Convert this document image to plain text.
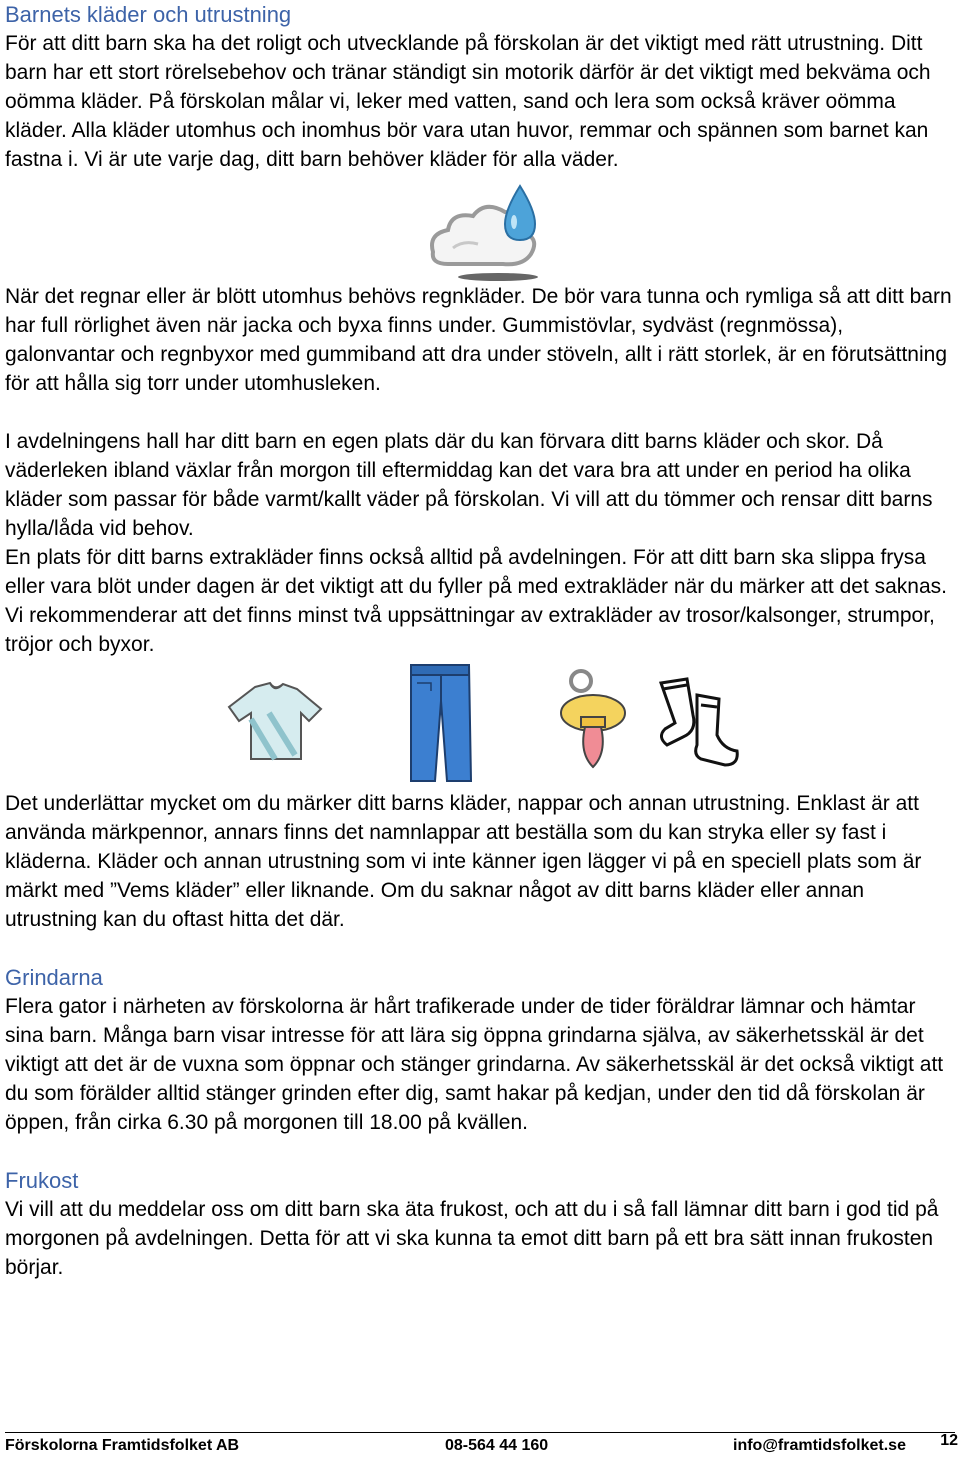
Barnets kläder och utrustning

För att ditt barn ska ha det roligt och utvecklande på förskolan är det viktigt med rätt utrustning. Ditt barn har ett stort rörelsebehov och tränar ständigt sin motorik därför är det viktigt med bekväma och oömma kläder. På förskolan målar vi, leker med vatten, sand och lera som också kräver oömma kläder. Alla kläder utomhus och inomhus bör vara utan huvor, remmar och spännen som barnet kan fastna i. Vi är ute varje dag, ditt barn behöver kläder för alla väder.

När det regnar eller är blött utomhus behövs regnkläder. De bör vara tunna och rymliga så att ditt barn har full rörlighet även när jacka och byxa finns under. Gummistövlar, sydväst (regnmössa), galonvantar och regnbyxor med gummiband att dra under stöveln, allt i rätt storlek, är en förutsättning för att hålla sig torr under utomhusleken.

I avdelningens hall har ditt barn en egen plats där du kan förvara ditt barns kläder och skor. Då väderleken ibland växlar från morgon till eftermiddag kan det vara bra att under en period ha olika kläder som passar för både varmt/kallt väder på förskolan. Vi vill att du tömmer och rensar ditt barns hylla/låda vid behov.

En plats för ditt barns extrakläder finns också alltid på avdelningen. För att ditt barn ska slippa frysa eller vara blöt under dagen är det viktigt att du fyller på med extrakläder när du märker att det saknas. Vi rekommenderar att det finns minst två uppsättningar av extrakläder av trosor/kalsonger, strumpor, tröjor och byxor.

Det underlättar mycket om du märker ditt barns kläder, nappar och annan utrustning. Enklast är att använda märkpennor, annars finns det namnlappar att beställa som du kan stryka eller sy fast i kläderna. Kläder och annan utrustning som vi inte känner igen lägger vi på en speciell plats som är märkt med ”Vems kläder” eller liknande. Om du saknar något av ditt barns kläder eller annan utrustning kan du oftast hitta det där.

Grindarna

Flera gator i närheten av förskolorna är hårt trafikerade under de tider föräldrar lämnar och hämtar sina barn. Många barn visar intresse för att lära sig öppna grindarna själva, av säkerhetsskäl är det viktigt att det är de vuxna som öppnar och stänger grindarna. Av säkerhetsskäl är det också viktigt att du som förälder alltid stänger grinden efter dig, samt hakar på kedjan, under den tid då förskolan är öppen, från cirka 6.30 på morgonen till 18.00 på kvällen.

Frukost

Vi vill att du meddelar oss om ditt barn ska äta frukost, och att du i så fall lämnar ditt barn i god tid på morgonen på avdelningen. Detta för att vi ska kunna ta emot ditt barn på ett bra sätt innan frukosten börjar.

Förskolorna Framtidsfolket AB	08-564 44 160	info@framtidsfolket.se 12
